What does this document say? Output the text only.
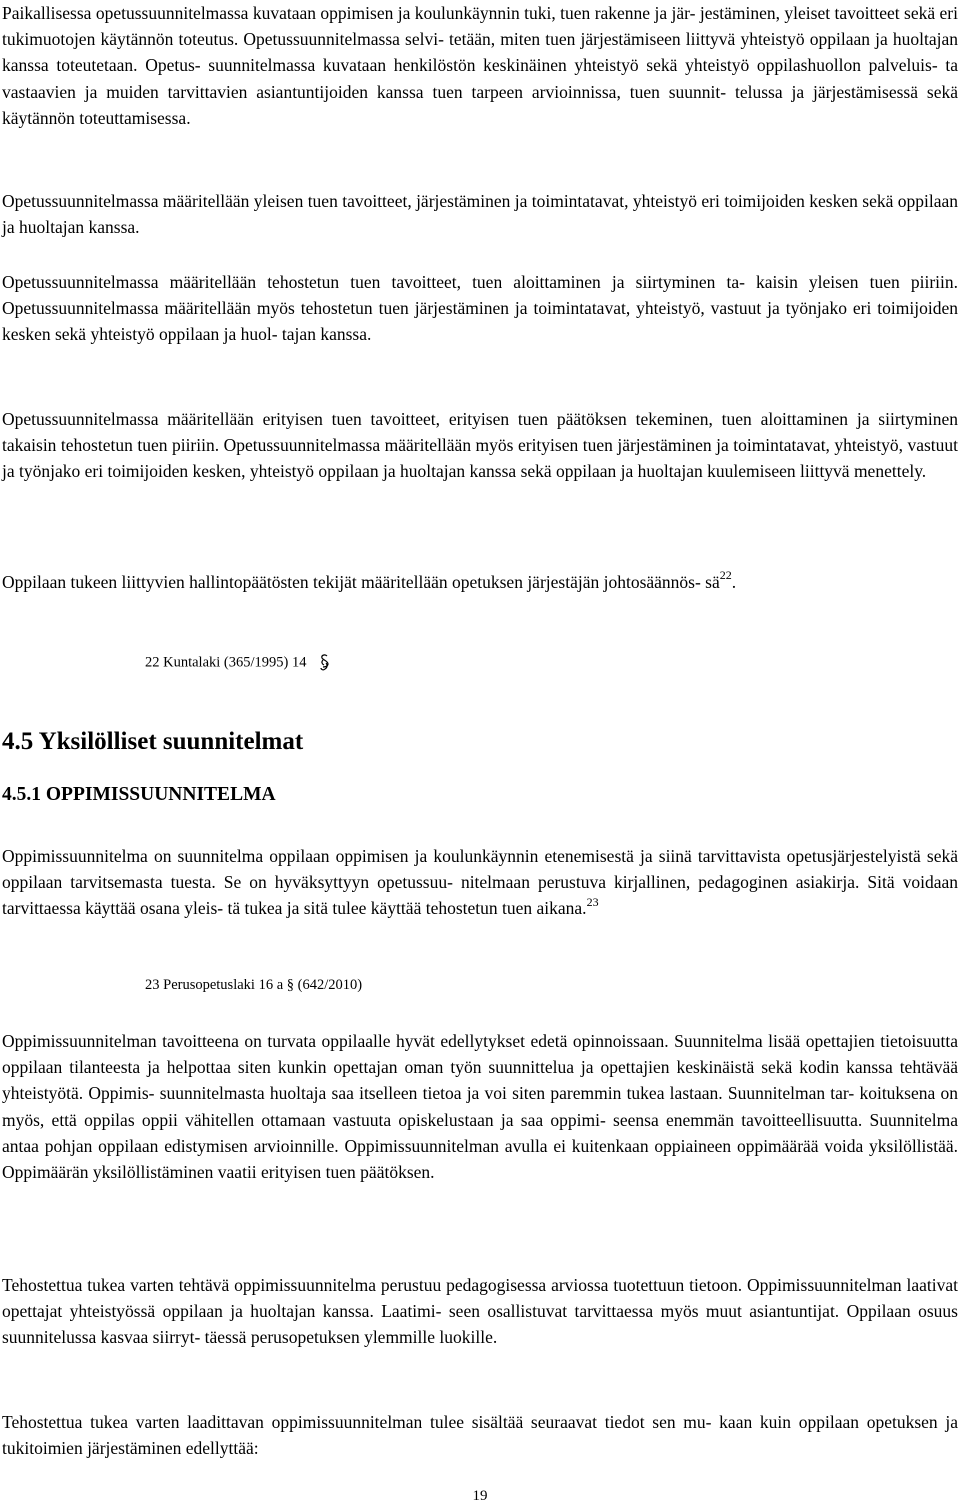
Paikallisessa opetussuunnitelmassa kuvataan oppimisen ja koulunkäynnin tuki, tuen rakenne ja jär- jestäminen, yleiset tavoitteet sekä eri tukimuotojen käytännön toteutus. Opetussuunnitelmassa selvi- tetään, miten tuen järjestämiseen liittyvä yhteistyö oppilaan ja huoltajan kanssa toteutetaan. Opetus- suunnitelmassa kuvataan henkilöstön keskinäinen yhteistyö sekä yhteistyö oppilashuollon palveluis- ta vastaavien ja muiden tarvittavien asiantuntijoiden kanssa tuen tarpeen arvioinnissa, tuen suunnit- telussa ja järjestämisessä sekä käytännön toteuttamisessa.

Opetussuunnitelmassa määritellään yleisen tuen tavoitteet, järjestäminen ja toimintatavat, yhteistyö eri toimijoiden kesken sekä oppilaan ja huoltajan kanssa.

Opetussuunnitelmassa määritellään tehostetun tuen tavoitteet, tuen aloittaminen ja siirtyminen ta- kaisin yleisen tuen piiriin. Opetussuunnitelmassa määritellään myös tehostetun tuen järjestäminen ja toimintatavat, yhteistyö, vastuut ja työnjako eri toimijoiden kesken sekä yhteistyö oppilaan ja huol- tajan kanssa.

Opetussuunnitelmassa määritellään erityisen tuen tavoitteet, erityisen tuen päätöksen tekeminen, tuen aloittaminen ja siirtyminen takaisin tehostetun tuen piiriin. Opetussuunnitelmassa määritellään myös erityisen tuen järjestäminen ja toimintatavat, yhteistyö, vastuut ja työnjako eri toimijoiden kesken, yhteistyö oppilaan ja huoltajan kanssa sekä oppilaan ja huoltajan kuulemiseen liittyvä menettely.

Oppilaan tukeen liittyvien hallintopäätösten tekijät määritellään opetuksen järjestäjän johtosäännös- $sä^{22}$.

22 Kuntalaki (365/1995) 14

4.5 Yksilölliset suunnitelmat
4.5.1 OPPIMISSUUNNITELMA

Oppimissuunnitelma on suunnitelma oppilaan oppimisen ja koulunkäynnin etenemisestä ja siinä tarvittavista opetusjärjestelyistä sekä oppilaan tarvitsemasta tuesta. Se on hyväksyttyyn opetussuu- nitelmaan perustuva kirjallinen, pedagoginen asiakirja. Sitä voidaan tarvittaessa käyttää osana yleis- tä tukea ja sitä tulee käyttää tehostetun tuen aikana.$^{23}$

23 Perusopetuslaki 16 a § (642/2010)

Oppimissuunnitelman tavoitteena on turvata oppilaalle hyvät edellytykset edetä opinnoissaan. Suunnitelma lisää opettajien tietoisuutta oppilaan tilanteesta ja helpottaa siten kunkin opettajan oman työn suunnittelua ja opettajien keskinäistä sekä kodin kanssa tehtävää yhteistyötä. Oppimis- suunnitelmasta huoltaja saa itselleen tietoa ja voi siten paremmin tukea lastaan. Suunnitelman tar- koituksena on myös, että oppilas oppii vähitellen ottamaan vastuuta opiskelustaan ja saa oppimi- seensa enemmän tavoitteellisuutta. Suunnitelma antaa pohjan oppilaan edistymisen arvioinnille. Oppimissuunnitelman avulla ei kuitenkaan oppiaineen oppimäärää voida yksilöllistää. Oppimäärän yksilöllistäminen vaatii erityisen tuen päätöksen.

Tehostettua tukea varten tehtävä oppimissuunnitelma perustuu pedagogisessa arviossa tuotettuun tietoon. Oppimissuunnitelman laativat opettajat yhteistyössä oppilaan ja huoltajan kanssa. Laatimi- seen osallistuvat tarvittaessa myös muut asiantuntijat. Oppilaan osuus suunnitelussa kasvaa siirryt- täessä perusopetuksen ylemmille luokille.

Tehostettua tukea varten laadittavan oppimissuunnitelman tulee sisältää seuraavat tiedot sen mu- kaan kuin oppilaan opetuksen ja tukitoimien järjestäminen edellyttää:

19
